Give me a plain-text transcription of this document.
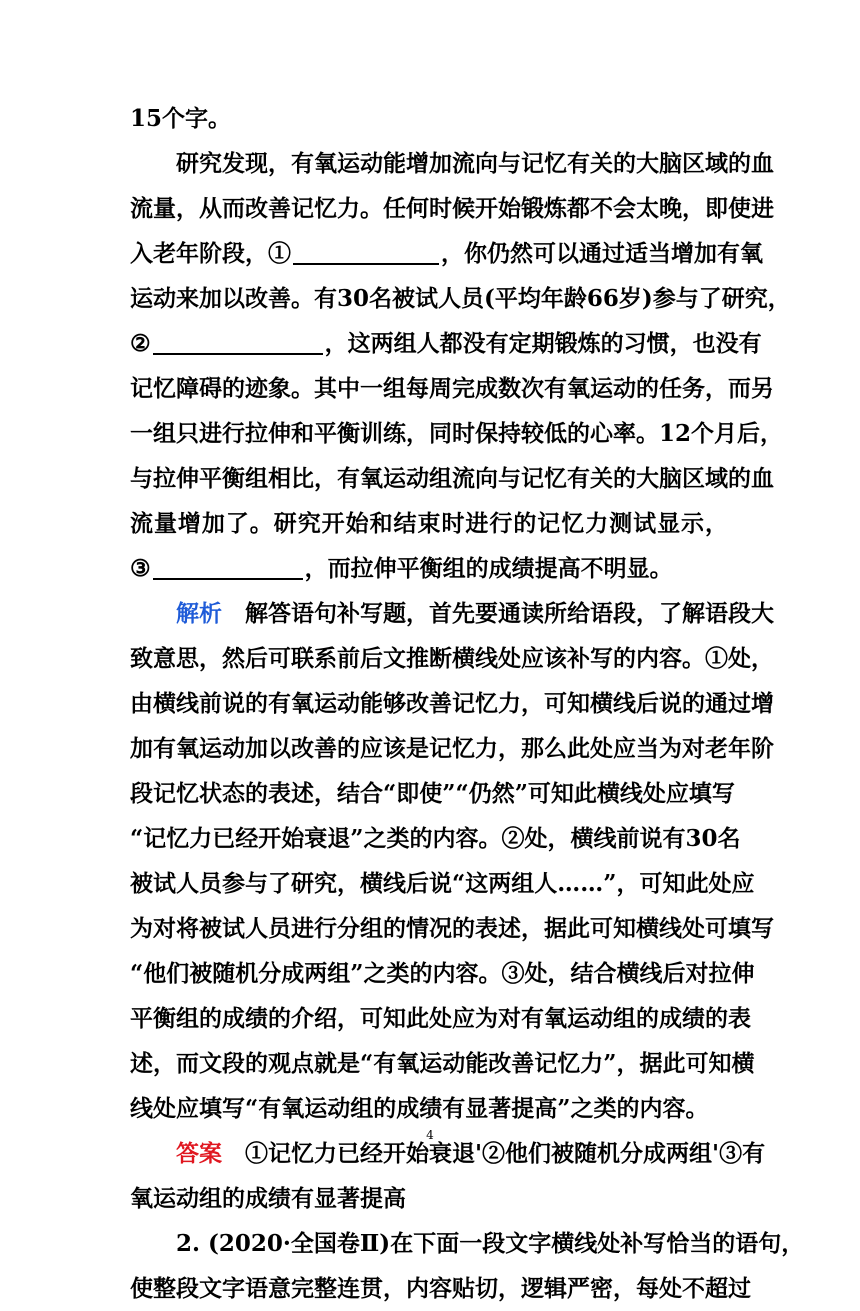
15个字。
研究发现，有氧运动能增加流向与记忆有关的大脑区域的血
流量，从而改善记忆力。任何时候开始锻炼都不会太晚，即使进
入老年阶段，①	，你仍然可以通过适当增加有氧
运动来加以改善。有30名被试人员(平均年龄66岁)参与了研究，
②	，这两组人都没有定期锻炼的习惯，也没有
记忆障碍的迹象。其中一组每周完成数次有氧运动的任务，而另
一组只进行拉伸和平衡训练，同时保持较低的心率。12个月后，
与拉伸平衡组相比，有氧运动组流向与记忆有关的大脑区域的血
流量增加了。研究开始和结束时进行的记忆力测试显示，
③	，而拉伸平衡组的成绩提高不明显。
解析　 解答语句补写题，首先要通读所给语段，了解语段大
致意思，然后可联系前后文推断横线处应该补写的内容。①处，
由横线前说的有氧运动能够改善记忆力，可知横线后说的通过增
加有氧运动加以改善的应该是记忆力，那么此处应当为对老年阶
段记忆状态的表述，结合“即使”“仍然”可知此横线处应填写
“记忆力已经开始衰退”之类的内容。②处，横线前说有30名
被试人员参与了研究，横线后说“这两组人……”，可知此处应
为对将被试人员进行分组的情况的表述，据此可知横线处可填写
“他们被随机分成两组”之类的内容。③处，结合横线后对拉伸
平衡组的成绩的介绍，可知此处应为对有氧运动组的成绩的表
述，而文段的观点就是“有氧运动能改善记忆力”，据此可知横
线处应填写“有氧运动组的成绩有显著提高”之类的内容。
答案　 ①记忆力已经开始衰退'②他们被随机分成两组'③有
氧运动组的成绩有显著提高
2. (2020·全国卷Ⅱ)在下面一段文字横线处补写恰当的语句，
使整段文字语意完整连贯，内容贴切，逻辑严密，每处不超过
4
